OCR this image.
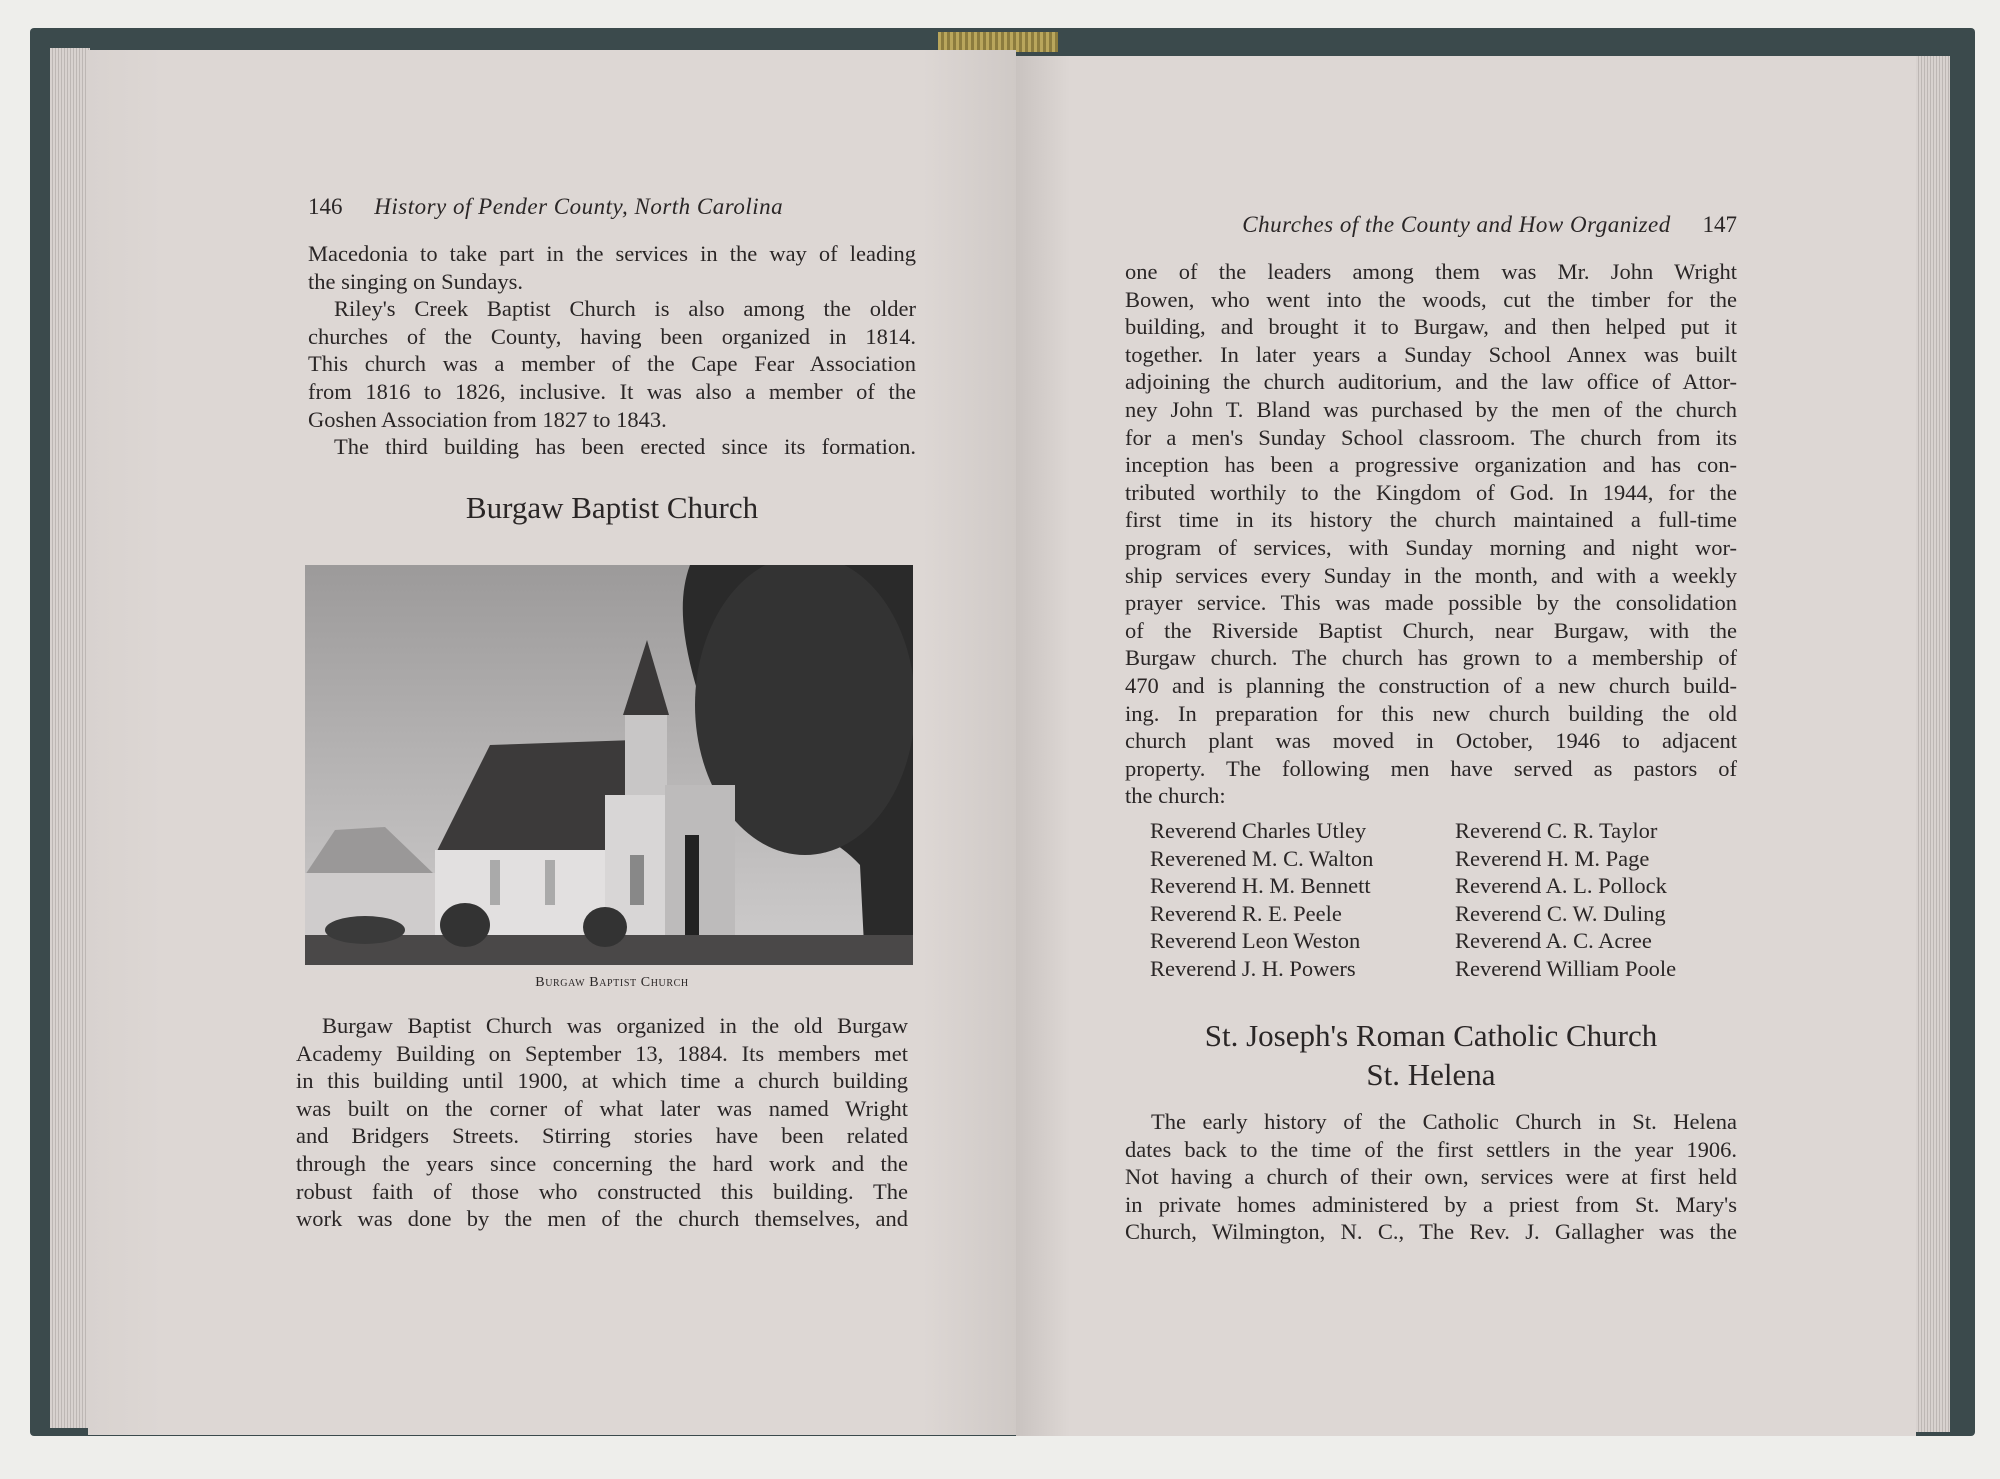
146 History of Pender County, North Carolina
Macedonia to take part in the services in the way of leading
the singing on Sundays.
Riley's Creek Baptist Church is also among the older
churches of the County, having been organized in 1814.
This church was a member of the Cape Fear Association
from 1816 to 1826, inclusive. It was also a member of the
Goshen Association from 1827 to 1843.
The third building has been erected since its formation.
Burgaw Baptist Church
Burgaw Baptist Church
Burgaw Baptist Church was organized in the old Burgaw
Academy Building on September 13, 1884. Its members met
in this building until 1900, at which time a church building
was built on the corner of what later was named Wright
and Bridgers Streets. Stirring stories have been related
through the years since concerning the hard work and the
robust faith of those who constructed this building. The
work was done by the men of the church themselves, and
Churches of the County and How Organized 147
one of the leaders among them was Mr. John Wright
Bowen, who went into the woods, cut the timber for the
building, and brought it to Burgaw, and then helped put it
together. In later years a Sunday School Annex was built
adjoining the church auditorium, and the law office of Attor-
ney John T. Bland was purchased by the men of the church
for a men's Sunday School classroom. The church from its
inception has been a progressive organization and has con-
tributed worthily to the Kingdom of God. In 1944, for the
first time in its history the church maintained a full-time
program of services, with Sunday morning and night wor-
ship services every Sunday in the month, and with a weekly
prayer service. This was made possible by the consolidation
of the Riverside Baptist Church, near Burgaw, with the
Burgaw church. The church has grown to a membership of
470 and is planning the construction of a new church build-
ing. In preparation for this new church building the old
church plant was moved in October, 1946 to adjacent
property. The following men have served as pastors of
the church:
Reverend Charles Utley
Reverened M. C. Walton
Reverend H. M. Bennett
Reverend R. E. Peele
Reverend Leon Weston
Reverend J. H. Powers
Reverend C. R. Taylor
Reverend H. M. Page
Reverend A. L. Pollock
Reverend C. W. Duling
Reverend A. C. Acree
Reverend William Poole
St. Joseph's Roman Catholic Church
St. Helena
The early history of the Catholic Church in St. Helena
dates back to the time of the first settlers in the year 1906.
Not having a church of their own, services were at first held
in private homes administered by a priest from St. Mary's
Church, Wilmington, N. C., The Rev. J. Gallagher was the
